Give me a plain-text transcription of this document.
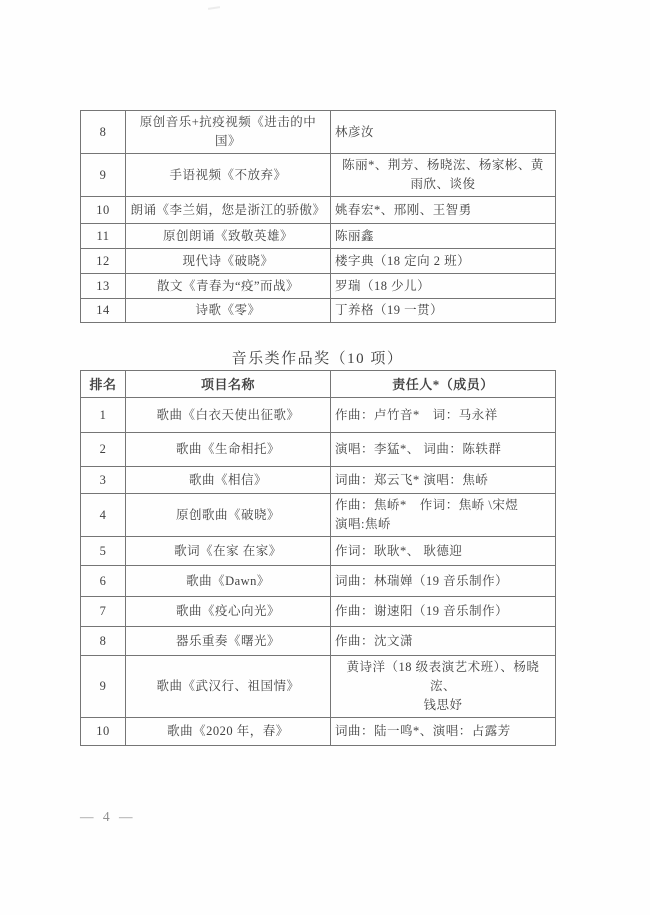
8	原创音乐+抗疫视频《进击的中国》	林彦汝
9	手语视频《不放弃》	陈丽*、荆芳、杨晓浤、杨家彬、黄
雨欣、谈俊

10	朗诵《李兰娟，您是浙江的骄傲》	姚春宏*、邢刚、王智勇
11	原创朗诵《致敬英雄》	陈丽鑫
12	现代诗《破晓》	楼字典（18 定向 2 班）
13	散文《青春为“疫”而战》	罗瑞（18 少儿）
14	诗歌《零》	丁养格（19 一贯）
音乐类作品奖（10 项）
排名	项目名称	责任人*（成员）
1	歌曲《白衣天使出征歌》	作曲：卢竹音*　词：马永祥
2	歌曲《生命相托》	演唱：李猛*、 词曲：陈轶群
3	歌曲《相信》	词曲：郑云飞* 演唱：焦峤
4	原创歌曲《破晓》	作曲：焦峤*　作词：焦峤 \宋煜
演唱:焦峤

5	歌词《在家 在家》	作词：耿耿*、 耿德迎
6	歌曲《Dawn》	词曲：林瑞婵（19 音乐制作）
7	歌曲《疫心向光》	作曲：谢速阳（19 音乐制作）
8	器乐重奏《曙光》	作曲：沈文潇
9	歌曲《武汉行、祖国情》	黄诗洋（18 级表演艺术班）、杨晓浤、
钱思妤

10	歌曲《2020 年，春》	词曲：陆一鸣*、演唱：占露芳
— 4 —
